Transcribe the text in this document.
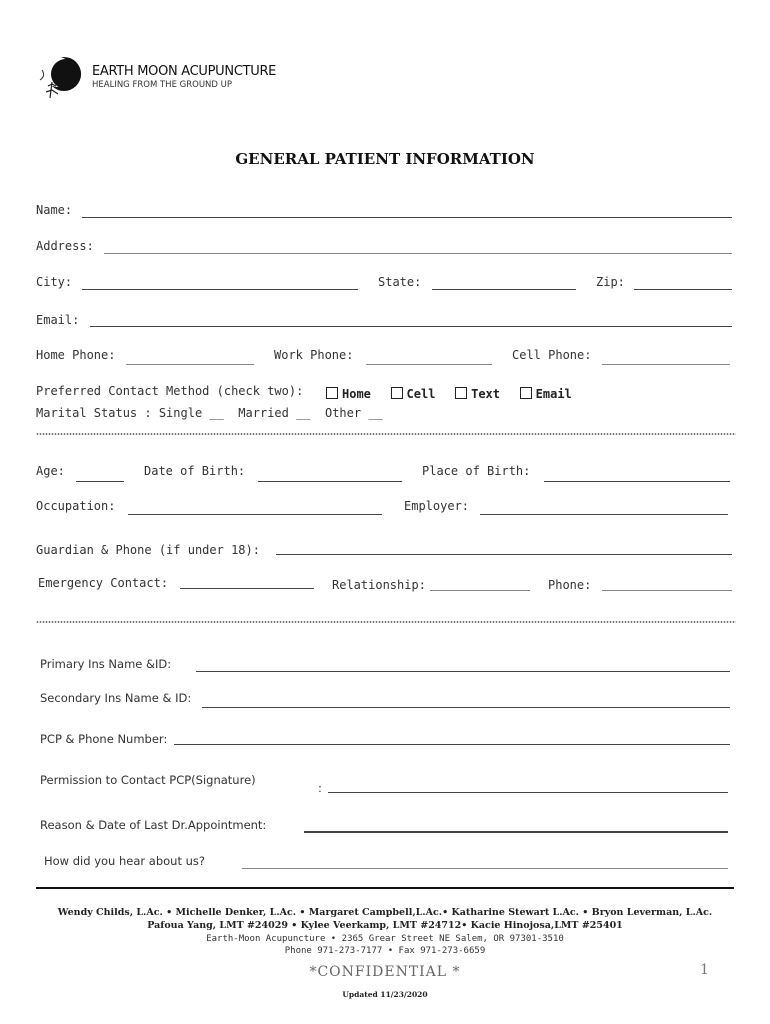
EARTH MOON ACUPUNCTURE
HEALING FROM THE GROUND UP
GENERAL PATIENT INFORMATION
Name:
Address:
City:	State:	Zip:
Email:
Home Phone:	Work Phone:	Cell Phone:
Preferred Contact Method (check two):	Home	Cell	Text	Email
Marital Status : Single __  Married __  Other __
Age:	Date of Birth:	Place of Birth:
Occupation:	Employer:
Guardian & Phone (if under 18):
Emergency Contact:	Relationship:	Phone:
Primary Ins Name &ID:
Secondary Ins Name & ID:
PCP & Phone Number:
Permission to Contact PCP(Signature)
:
Reason & Date of Last Dr.Appointment:
How did you hear about us?
Wendy Childs, L.Ac. • Michelle Denker, L.Ac. • Margaret Campbell,L.Ac.• Katharine Stewart L.Ac. • Bryon Leverman, L.Ac.
Pafoua Yang, LMT #24029 • Kylee Veerkamp, LMT #24712• Kacie Hinojosa,LMT #25401
Earth-Moon Acupuncture • 2365 Grear Street NE Salem, OR 97301-3510
Phone 971-273-7177 • Fax 971-273-6659
*CONFIDENTIAL *	1
Updated 11/23/2020
